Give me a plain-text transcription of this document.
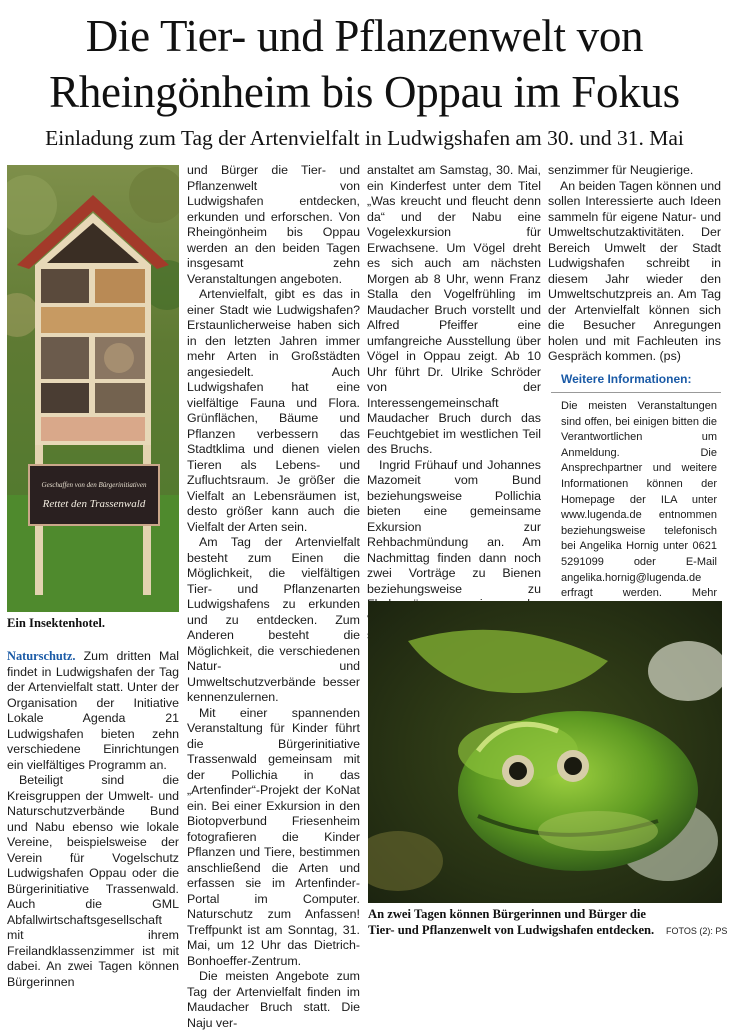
Die Tier- und Pflanzenwelt von
Rheingönheim bis Oppau im Fokus
Einladung zum Tag der Artenvielfalt in Ludwigshafen am 30. und 31. Mai
Geschaffen von den Bürgerinitiativen
Rettet den Trassenwald
Ein Insektenhotel.

Naturschutz. Zum dritten Mal findet in Ludwigshafen der Tag der Artenvielfalt statt. Unter der Organisation der Initiative Lokale Agenda 21 Ludwigshafen bieten zehn verschiedene Einrichtungen ein vielfältiges Programm an.

Beteiligt sind die Kreisgruppen der Umwelt- und Naturschutzverbände Bund und Nabu ebenso wie lokale Vereine, beispielsweise der Verein für Vogelschutz Ludwigshafen Oppau oder die Bürgerinitiative Trassenwald. Auch die GML Abfallwirtschaftsgesellschaft mit ihrem Freilandklassenzimmer ist mit dabei. An zwei Tagen können Bürgerinnen

und Bürger die Tier- und Pflanzenwelt von Ludwigshafen entdecken, erkunden und erforschen. Von Rheingönheim bis Oppau werden an den beiden Tagen insgesamt zehn Veranstaltungen angeboten.

Artenvielfalt, gibt es das in einer Stadt wie Ludwigshafen? Erstaunlicherweise haben sich in den letzten Jahren immer mehr Arten in Großstädten angesiedelt. Auch Ludwigshafen hat eine vielfältige Fauna und Flora. Grünflächen, Bäume und Pflanzen verbessern das Stadtklima und dienen vielen Tieren als Lebens- und Zufluchtsraum. Je größer die Vielfalt an Lebensräumen ist, desto größer kann auch die Vielfalt der Arten sein.

Am Tag der Artenvielfalt besteht zum Einen die Möglichkeit, die vielfältigen Tier- und Pflanzenarten Ludwigshafens zu erkunden und zu entdecken. Zum Anderen besteht die Möglichkeit, die verschiedenen Natur- und Umweltschutzverbände besser kennenzulernen.

Mit einer spannenden Veranstaltung für Kinder führt die Bürgerinitiative Trassenwald gemeinsam mit der Pollichia in das „Artenfinder“-Projekt der KoNat ein. Bei einer Exkursion in den Biotopverbund Friesenheim fotografieren die Kinder Pflanzen und Tiere, bestimmen anschließend die Arten und erfassen sie im Artenfinder-Portal im Computer. Naturschutz zum Anfassen! Treffpunkt ist am Sonntag, 31. Mai, um 12 Uhr das Dietrich-Bonhoeffer-Zentrum.

Die meisten Angebote zum Tag der Artenvielfalt finden im Maudacher Bruch statt. Die Naju ver-

anstaltet am Samstag, 30. Mai, ein Kinderfest unter dem Titel „Was kreucht und fleucht denn da“ und der Nabu eine Vogelexkursion für Erwachsene. Um Vögel dreht es sich auch am nächsten Morgen ab 8 Uhr, wenn Franz Stalla den Vogelfrühling im Maudacher Bruch vorstellt und Alfred Pfeiffer eine umfangreiche Ausstellung über Vögel in Oppau zeigt. Ab 10 Uhr führt Dr. Ulrike Schröder von der Interessengemeinschaft Maudacher Bruch durch das Feuchtgebiet im westlichen Teil des Bruchs.

Ingrid Frühauf und Johannes Mazomeit vom Bund beziehungsweise Pollichia bieten eine gemeinsame Exkursion zur Rehbachmündung an. Am Nachmittag finden dann noch zwei Vorträge zu Bienen beziehungsweise zu

senzimmer für Neugierige.

An beiden Tagen können und sollen Interessierte auch Ideen sammeln für eigene Natur- und Umweltschutzaktivitäten. Der Bereich Umwelt der Stadt Ludwigshafen schreibt in diesem Jahr wieder den Umweltschutzpreis an. Am Tag der Artenvielfalt können sich die Besucher Anregungen holen und mit Fachleuten ins Gespräch kommen. (ps)

Weitere Informationen:
Die meisten Veranstaltungen sind offen, bei einigen bitten die Verantwortlichen um Anmeldung. Die Ansprechpartner und weitere Informationen können der Homepage der ILA unter www.lugenda.de entnommen beziehungsweise telefonisch bei Angelika Hornig unter 0621 5291099 oder E-Mail angelika.hornig@lugenda.de erfragt werden. Mehr
An zwei Tagen können Bürgerinnen und Bürger die Tier- und Pflanzenwelt von Ludwigshafen entdecken.	FOTOS (2): PS
